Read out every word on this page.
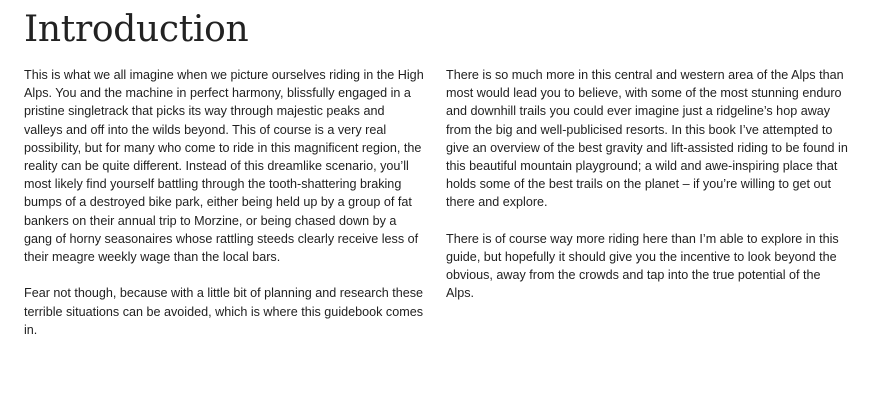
Introduction

This is what we all imagine when we picture ourselves riding in the High Alps. You and the machine in perfect harmony, blissfully engaged in a pristine singletrack that picks its way through majestic peaks and valleys and off into the wilds beyond. This of course is a very real possibility, but for many who come to ride in this magnificent region, the reality can be quite different. Instead of this dreamlike scenario, you’ll most likely find yourself battling through the tooth-shattering braking bumps of a destroyed bike park, either being held up by a group of fat bankers on their annual trip to Morzine, or being chased down by a gang of horny seasonaires whose rattling steeds clearly receive less of their meagre weekly wage than the local bars.

Fear not though, because with a little bit of planning and research these terrible situations can be avoided, which is where this guidebook comes in.

There is so much more in this central and western area of the Alps than most would lead you to believe, with some of the most stunning enduro and downhill trails you could ever imagine just a ridgeline’s hop away from the big and well-publicised resorts. In this book I’ve attempted to give an overview of the best gravity and lift-assisted riding to be found in this beautiful mountain playground; a wild and awe-inspiring place that holds some of the best trails on the planet – if you’re willing to get out there and explore.

There is of course way more riding here than I’m able to explore in this guide, but hopefully it should give you the incentive to look beyond the obvious, away from the crowds and tap into the true potential of the Alps.
